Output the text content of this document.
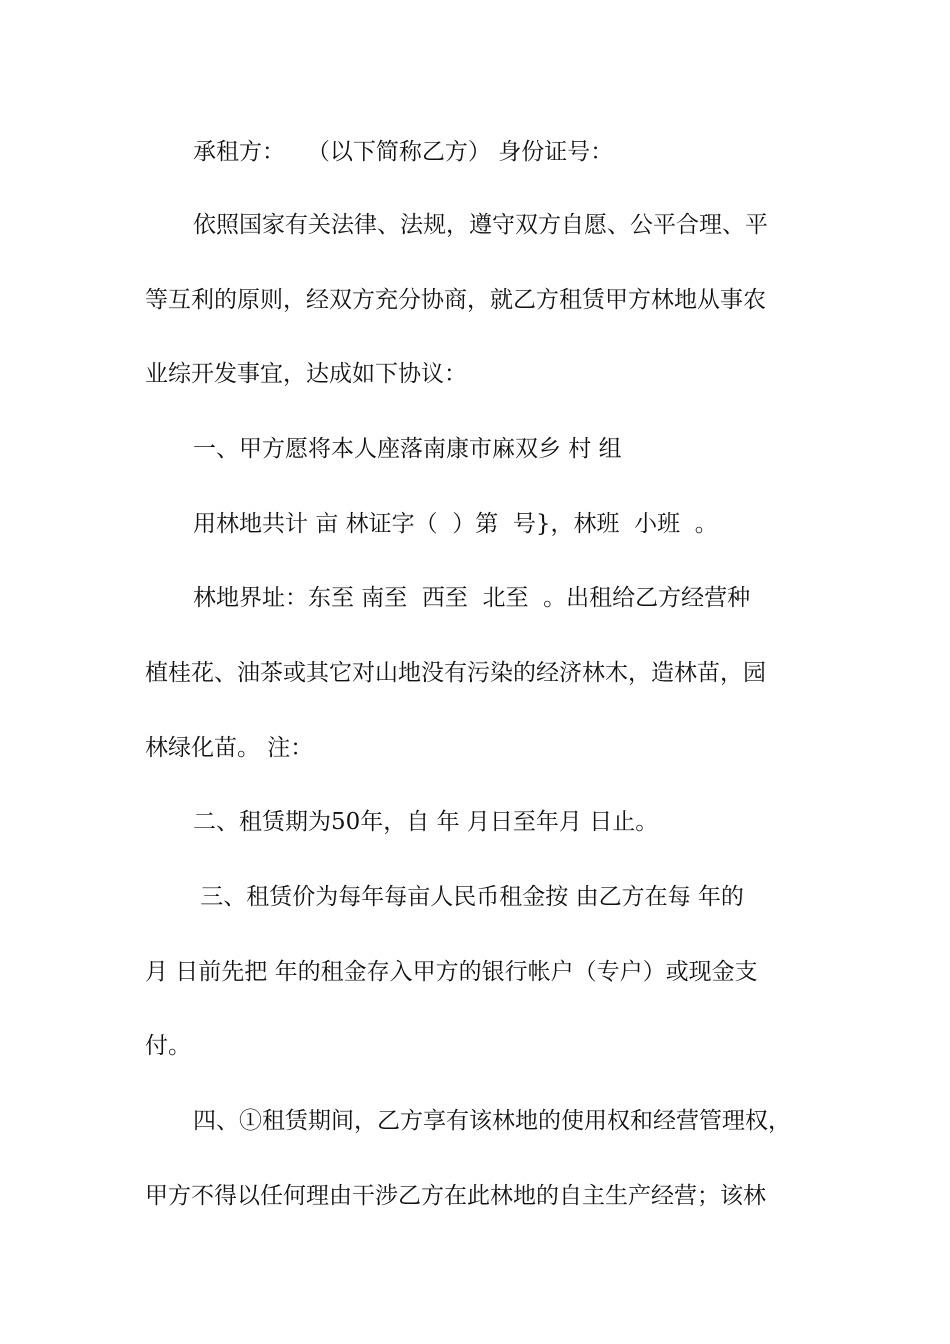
承租方：   （以下简称乙方） 身份证号：
依照国家有关法律、法规，遵守双方自愿、公平合理、平
等互利的原则，经双方充分协商，就乙方租赁甲方林地从事农
业综开发事宜，达成如下协议：
一、甲方愿将本人座落南康市麻双乡 村 组
用林地共计 亩 林证字（  ）第  号}，林班  小班  。
林地界址：东至 南至  西至  北至  。出租给乙方经营种
植桂花、油茶或其它对山地没有污染的经济林木，造林苗，园
林绿化苗。 注：
二、租赁期为50年，自 年 月日至年月 日止。
三、租赁价为每年每亩人民币租金按 由乙方在每 年的
月 日前先把 年的租金存入甲方的银行帐户（专户）或现金支
付。
四、①租赁期间，乙方享有该林地的使用权和经营管理权，
甲方不得以任何理由干涉乙方在此林地的自主生产经营；该林
